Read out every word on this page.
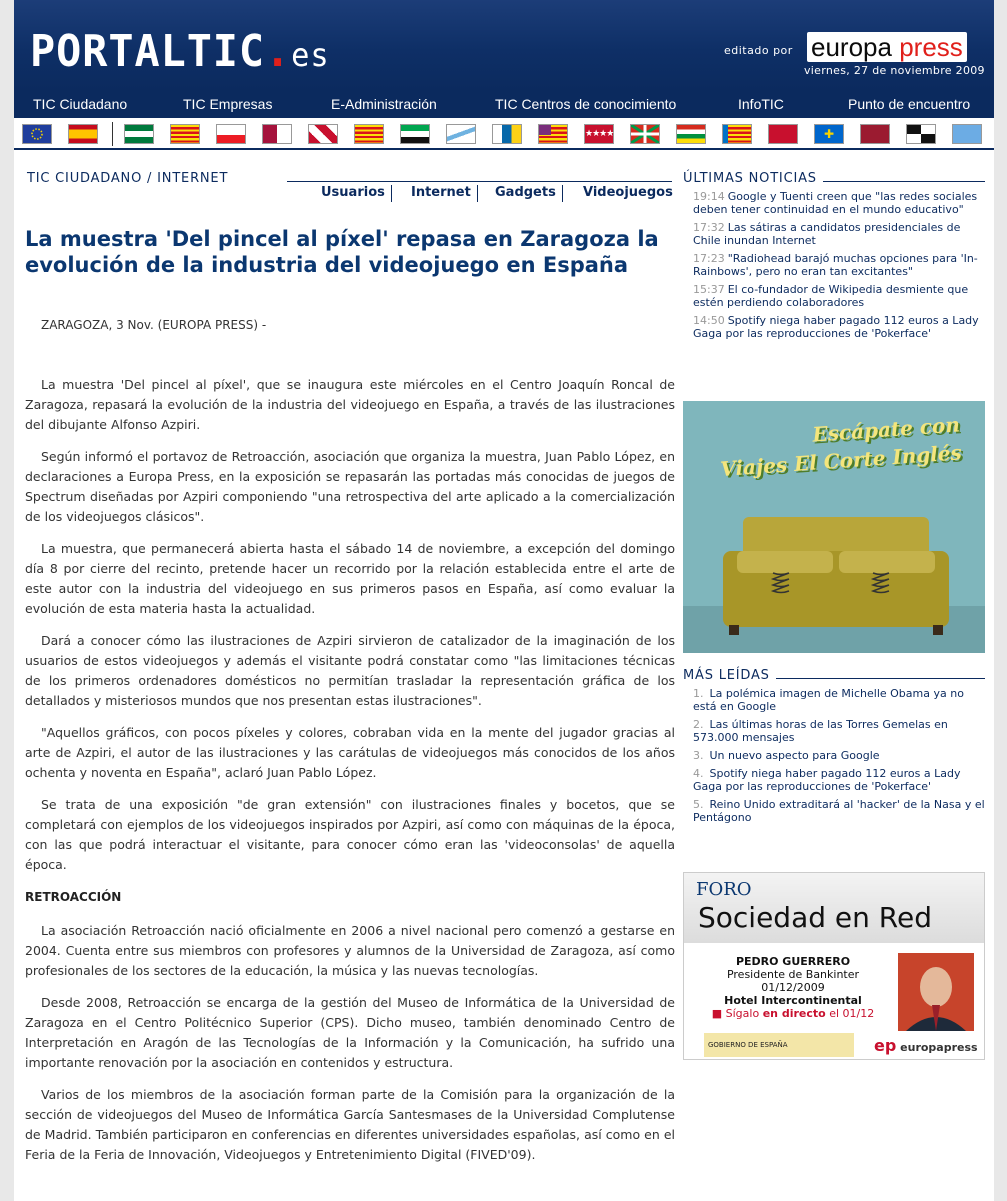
PORTALTIC.es	editado por europa press
viernes, 27 de noviembre 2009
TIC Ciudadano	TIC Empresas	E-Administración	TIC Centros de conocimiento	InfoTIC	Punto de encuentro
★★★★	✚
TIC CIUDADANO / INTERNET
Usuarios	Internet	Gadgets	Videojuegos
La muestra 'Del pincel al píxel' repasa en Zaragoza la evolución de la industria del videojuego en España
ZARAGOZA, 3 Nov. (EUROPA PRESS) -

La muestra 'Del pincel al píxel', que se inaugura este miércoles en el Centro Joaquín Roncal de Zaragoza, repasará la evolución de la industria del videojuego en España, a través de las ilustraciones del dibujante Alfonso Azpiri.

Según informó el portavoz de Retroacción, asociación que organiza la muestra, Juan Pablo López, en declaraciones a Europa Press, en la exposición se repasarán las portadas más conocidas de juegos de Spectrum diseñadas por Azpiri componiendo "una retrospectiva del arte aplicado a la comercialización de los videojuegos clásicos".

La muestra, que permanecerá abierta hasta el sábado 14 de noviembre, a excepción del domingo día 8 por cierre del recinto, pretende hacer un recorrido por la relación establecida entre el arte de este autor con la industria del videojuego en sus primeros pasos en España, así como evaluar la evolución de esta materia hasta la actualidad.

Dará a conocer cómo las ilustraciones de Azpiri sirvieron de catalizador de la imaginación de los usuarios de estos videojuegos y además el visitante podrá constatar como "las limitaciones técnicas de los primeros ordenadores domésticos no permitían trasladar la representación gráfica de los detallados y misteriosos mundos que nos presentan estas ilustraciones".

"Aquellos gráficos, con pocos píxeles y colores, cobraban vida en la mente del jugador gracias al arte de Azpiri, el autor de las ilustraciones y las carátulas de videojuegos más conocidos de los años ochenta y noventa en España", aclaró Juan Pablo López.

Se trata de una exposición "de gran extensión" con ilustraciones finales y bocetos, que se completará con ejemplos de los videojuegos inspirados por Azpiri, así como con máquinas de la época, con las que podrá interactuar el visitante, para conocer cómo eran las 'videoconsolas' de aquella época.

RETROACCIÓN

La asociación Retroacción nació oficialmente en 2006 a nivel nacional pero comenzó a gestarse en 2004. Cuenta entre sus miembros con profesores y alumnos de la Universidad de Zaragoza, así como profesionales de los sectores de la educación, la música y las nuevas tecnologías.

Desde 2008, Retroacción se encarga de la gestión del Museo de Informática de la Universidad de Zaragoza en el Centro Politécnico Superior (CPS). Dicho museo, también denominado Centro de Interpretación en Aragón de las Tecnologías de la Información y la Comunicación, ha sufrido una importante renovación por la asociación en contenidos y estructura.

Varios de los miembros de la asociación forman parte de la Comisión para la organización de la sección de videojuegos del Museo de Informática García Santesmases de la Universidad Complutense de Madrid. También participaron en conferencias en diferentes universidades españolas, así como en el Feria de la Feria de Innovación, Videojuegos y Entretenimiento Digital (FIVED'09).

ÚLTIMAS NOTICIAS
19:14 Google y Tuenti creen que "las redes sociales deben tener continuidad en el mundo educativo"
17:32 Las sátiras a candidatos presidenciales de Chile inundan Internet
17:23 "Radiohead barajó muchas opciones para 'In-Rainbows', pero no eran tan excitantes"
15:37 El co-fundador de Wikipedia desmiente que estén perdiendo colaboradores
14:50 Spotify niega haber pagado 112 euros a Lady Gaga por las reproducciones de 'Pokerface'
Escápate con
Viajes El Corte Inglés
MÁS LEÍDAS
1. La polémica imagen de Michelle Obama ya no está en Google
2. Las últimas horas de las Torres Gemelas en 573.000 mensajes
3. Un nuevo aspecto para Google
4. Spotify niega haber pagado 112 euros a Lady Gaga por las reproducciones de 'Pokerface'
5. Reino Unido extraditará al 'hacker' de la Nasa y el Pentágono
FORO
Sociedad en Red
PEDRO GUERRERO
Presidente de Bankinter
01/12/2009
Hotel Intercontinental
■ Sígalo en directo el 01/12
GOBIERNO DE ESPAÑA	ep europapress
